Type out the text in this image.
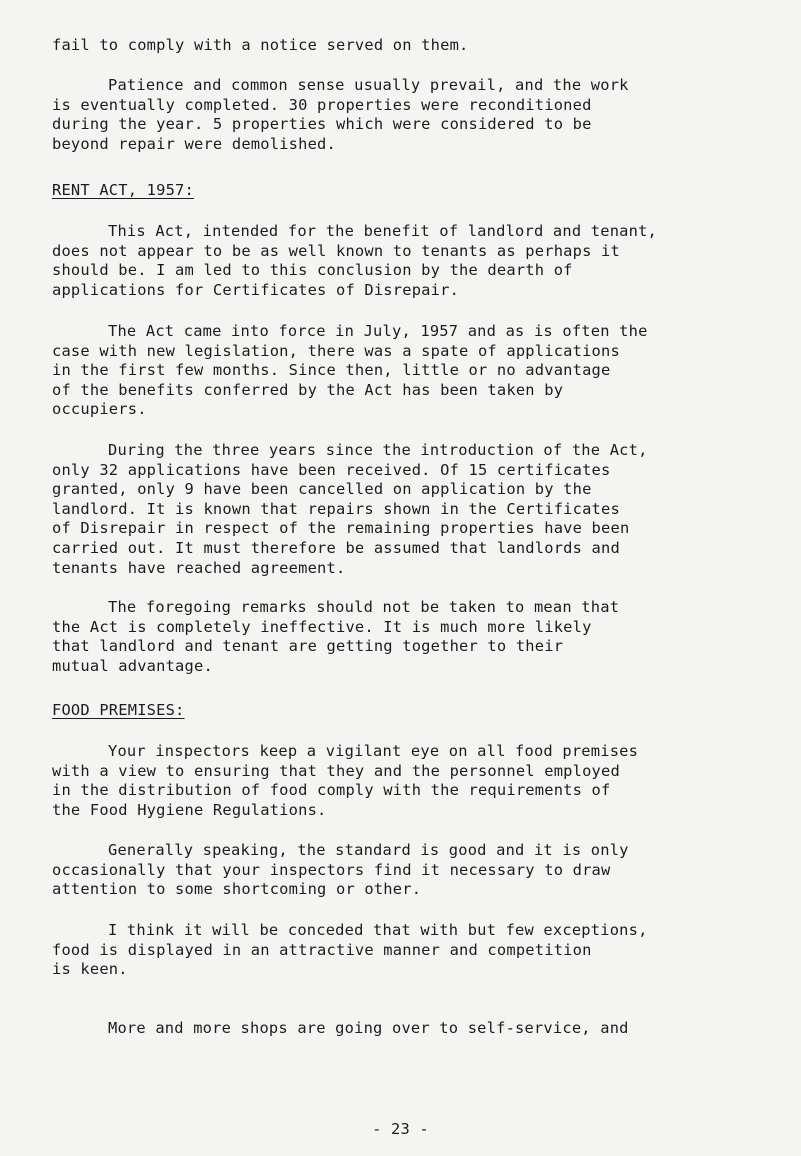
fail to comply with a notice served on them.

Patience and common sense usually prevail, and the work
is eventually completed. 30 properties were reconditioned
during the year. 5 properties which were considered to be
beyond repair were demolished.

RENT ACT, 1957:

This Act, intended for the benefit of landlord and tenant,
does not appear to be as well known to tenants as perhaps it
should be. I am led to this conclusion by the dearth of
applications for Certificates of Disrepair.

The Act came into force in July, 1957 and as is often the
case with new legislation, there was a spate of applications
in the first few months. Since then, little or no advantage
of the benefits conferred by the Act has been taken by
occupiers.

During the three years since the introduction of the Act,
only 32 applications have been received. Of 15 certificates
granted, only 9 have been cancelled on application by the
landlord. It is known that repairs shown in the Certificates
of Disrepair in respect of the remaining properties have been
carried out. It must therefore be assumed that landlords and
tenants have reached agreement.

The foregoing remarks should not be taken to mean that
the Act is completely ineffective. It is much more likely
that landlord and tenant are getting together to their
mutual advantage.

FOOD PREMISES:

Your inspectors keep a vigilant eye on all food premises
with a view to ensuring that they and the personnel employed
in the distribution of food comply with the requirements of
the Food Hygiene Regulations.

Generally speaking, the standard is good and it is only
occasionally that your inspectors find it necessary to draw
attention to some shortcoming or other.

I think it will be conceded that with but few exceptions,
food is displayed in an attractive manner and competition
is keen.

More and more shops are going over to self-service, and

- 23 -
